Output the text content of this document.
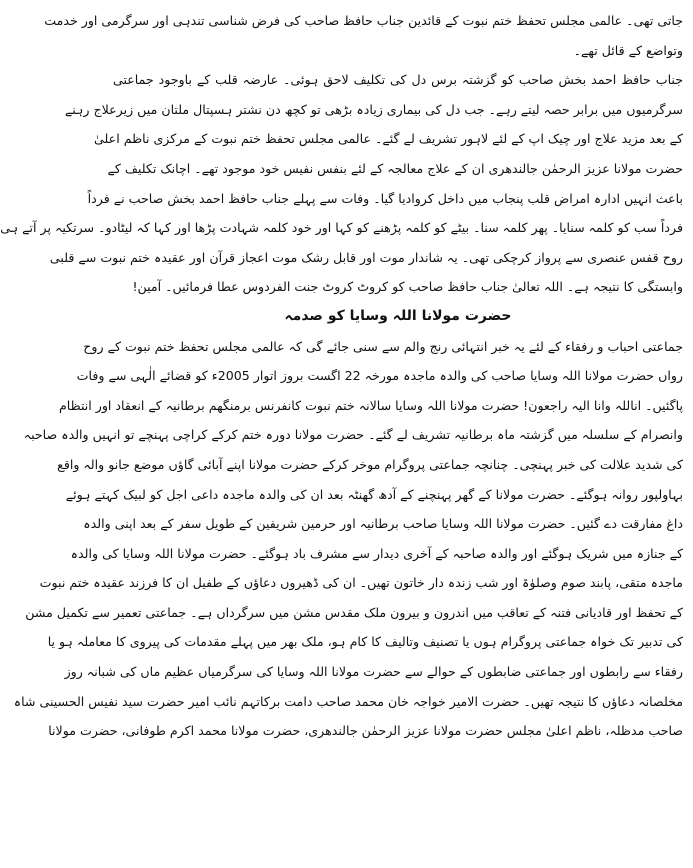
جاتی تھی۔ عالمی مجلس تحفظ ختم نبوت کے قائدین جناب حافظ صاحب کی فرض شناسی تندہی اور سرگرمی اور خدمت
وتواضع کے قائل تھے۔
جناب حافظ احمد بخش صاحب کو گزشتہ برس دل کی تکلیف لاحق ہوئی۔ عارضہ قلب کے باوجود جماعتی
سرگرمیوں میں برابر حصہ لیتے رہے۔ جب دل کی بیماری زیادہ بڑھی تو کچھ دن نشتر ہسپتال ملتان میں زیرعلاج رہنے
کے بعد مزید علاج اور چیک اپ کے لئے لاہور تشریف لے گئے۔ عالمی مجلس تحفظ ختم نبوت کے مرکزی ناظم اعلیٰ
حضرت مولانا عزیز الرحمٰن جالندھری ان کے علاج معالجہ کے لئے بنفس نفیس خود موجود تھے۔ اچانک تکلیف کے
باعث انہیں ادارہ امراض قلب پنجاب میں داخل کروادیا گیا۔ وفات سے پہلے جناب حافظ احمد بخش صاحب نے فرداً
فرداً سب کو کلمہ سنایا۔ پھر کلمہ سنا۔ بیٹے کو کلمہ پڑھنے کو کہا اور خود کلمہ شہادت پڑھا اور کہا کہ لیٹادو۔ سرتکیہ پر آتے ہی
روح قفس عنصری سے پرواز کرچکی تھی۔ یہ شاندار موت اور قابل رشک موت اعجاز قرآن اور عقیدہ ختم نبوت سے قلبی
وابستگی کا نتیجہ ہے۔ اللہ تعالیٰ جناب حافظ صاحب کو کروٹ کروٹ جنت الفردوس عطا فرمائیں۔ آمین!
حضرت مولانا اللہ وسایا کو صدمہ
جماعتی احباب و رفقاء کے لئے یہ خبر انتہائی رنج والم سے سنی جائے گی کہ عالمی مجلس تحفظ ختم نبوت کے روح
رواں حضرت مولانا اللہ وسایا صاحب کی والدہ ماجدہ مورخہ 22 اگست بروز اتوار 2005ء کو قضائے الٰہی سے وفات
پاگئیں۔ اناللہ وانا الیہ راجعون! حضرت مولانا اللہ وسایا سالانہ ختم نبوت کانفرنس برمنگھم برطانیہ کے انعقاد اور انتظام
وانصرام کے سلسلہ میں گزشتہ ماہ برطانیہ تشریف لے گئے۔ حضرت مولانا دورہ ختم کرکے کراچی پہنچے تو انہیں والدہ صاحبہ
کی شدید علالت کی خبر پہنچی۔ چنانچہ جماعتی پروگرام موخر کرکے حضرت مولانا اپنے آبائی گاؤں موضع جانو والہ واقع
بہاولپور روانہ ہوگئے۔ حضرت مولانا کے گھر پہنچنے کے آدھ گھنٹہ بعد ان کی والدہ ماجدہ داعی اجل کو لبیک کہتے ہوئے
داغ مفارقت دے گئیں۔ حضرت مولانا اللہ وسایا صاحب برطانیہ اور حرمین شریفین کے طویل سفر کے بعد اپنی والدہ
کے جنازہ میں شریک ہوگئے اور والدہ صاحبہ کے آخری دیدار سے مشرف باد ہوگئے۔ حضرت مولانا اللہ وسایا کی والدہ
ماجدہ متقی، پابند صوم وصلوٰۃ اور شب زندہ دار خاتون تھیں۔ ان کی ڈھیروں دعاؤں کے طفیل ان کا فرزند عقیدہ ختم نبوت
کے تحفظ اور قادیانی فتنہ کے تعاقب میں اندرون و بیرون ملک مقدس مشن میں سرگرداں ہے۔ جماعتی تعمیر سے تکمیل مشن
کی تدبیر تک خواہ جماعتی پروگرام ہوں یا تصنیف وتالیف کا کام ہو، ملک بھر میں پہلے مقدمات کی پیروی کا معاملہ ہو یا
رفقاء سے رابطوں اور جماعتی ضابطوں کے حوالے سے حضرت مولانا اللہ وسایا کی سرگرمیاں عظیم ماں کی شبانہ روز
مخلصانہ دعاؤں کا نتیجہ تھیں۔ حضرت الامیر خواجہ خان محمد صاحب دامت برکاتہم نائب امیر حضرت سید نفیس الحسینی شاہ
صاحب مدظلہ، ناظم اعلیٰ مجلس حضرت مولانا عزیز الرحمٰن جالندھری، حضرت مولانا محمد اکرم طوفانی، حضرت مولانا
